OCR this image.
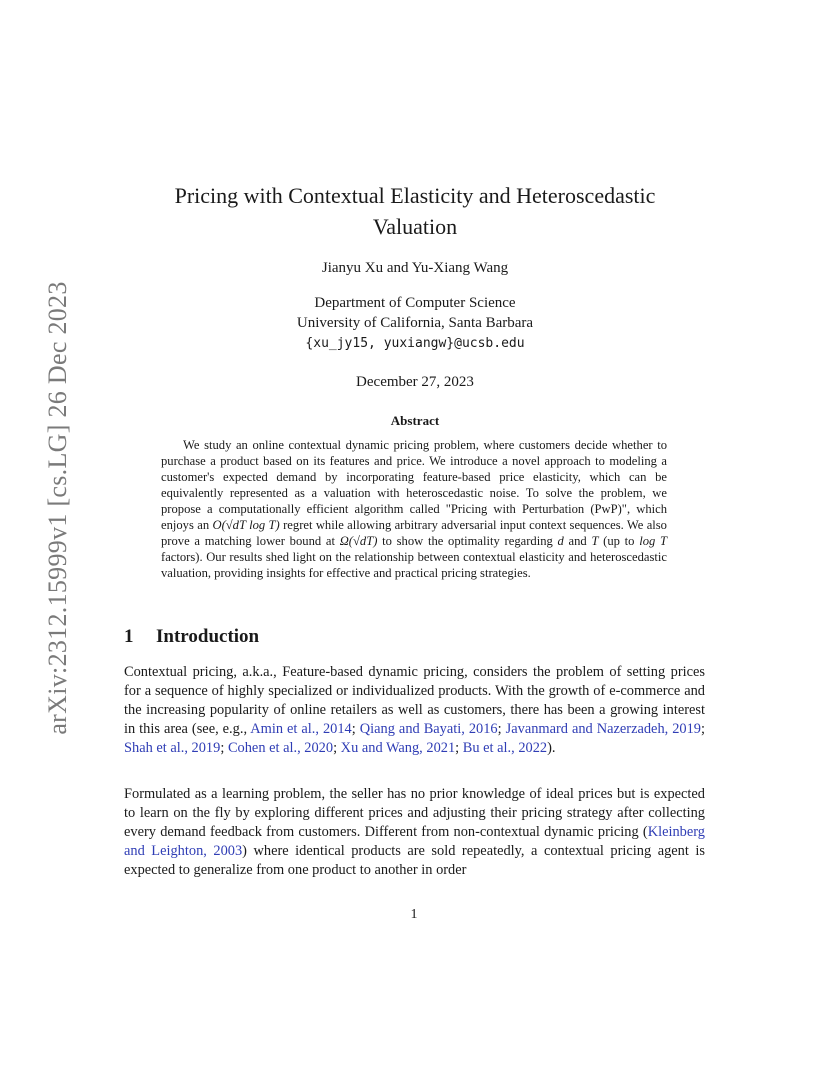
arXiv:2312.15999v1 [cs.LG] 26 Dec 2023
Pricing with Contextual Elasticity and Heteroscedastic
Valuation
Jianyu Xu and Yu-Xiang Wang
Department of Computer Science
University of California, Santa Barbara
{xu_jy15, yuxiangw}@ucsb.edu
December 27, 2023
Abstract

We study an online contextual dynamic pricing problem, where customers decide whether to purchase a product based on its features and price. We introduce a novel approach to modeling a customer's expected demand by incorporating feature-based price elasticity, which can be equivalently represented as a valuation with heteroscedastic noise. To solve the problem, we propose a computationally efficient algorithm called "Pricing with Perturbation (PwP)", which enjoys an O(√dT log T) regret while allowing arbitrary adversarial input context sequences. We also prove a matching lower bound at Ω(√dT) to show the optimality regarding d and T (up to log T factors). Our results shed light on the relationship between contextual elasticity and heteroscedastic valuation, providing insights for effective and practical pricing strategies.

1 Introduction

Contextual pricing, a.k.a., Feature-based dynamic pricing, considers the problem of setting prices for a sequence of highly specialized or individualized products. With the growth of e-commerce and the increasing popularity of online retailers as well as customers, there has been a growing interest in this area (see, e.g., Amin et al., 2014; Qiang and Bayati, 2016; Javanmard and Nazerzadeh, 2019; Shah et al., 2019; Cohen et al., 2020; Xu and Wang, 2021; Bu et al., 2022).

Formulated as a learning problem, the seller has no prior knowledge of ideal prices but is expected to learn on the fly by exploring different prices and adjusting their pricing strategy after collecting every demand feedback from customers. Different from non-contextual dynamic pricing (Kleinberg and Leighton, 2003) where identical products are sold repeatedly, a contextual pricing agent is expected to generalize from one product to another in order

1
